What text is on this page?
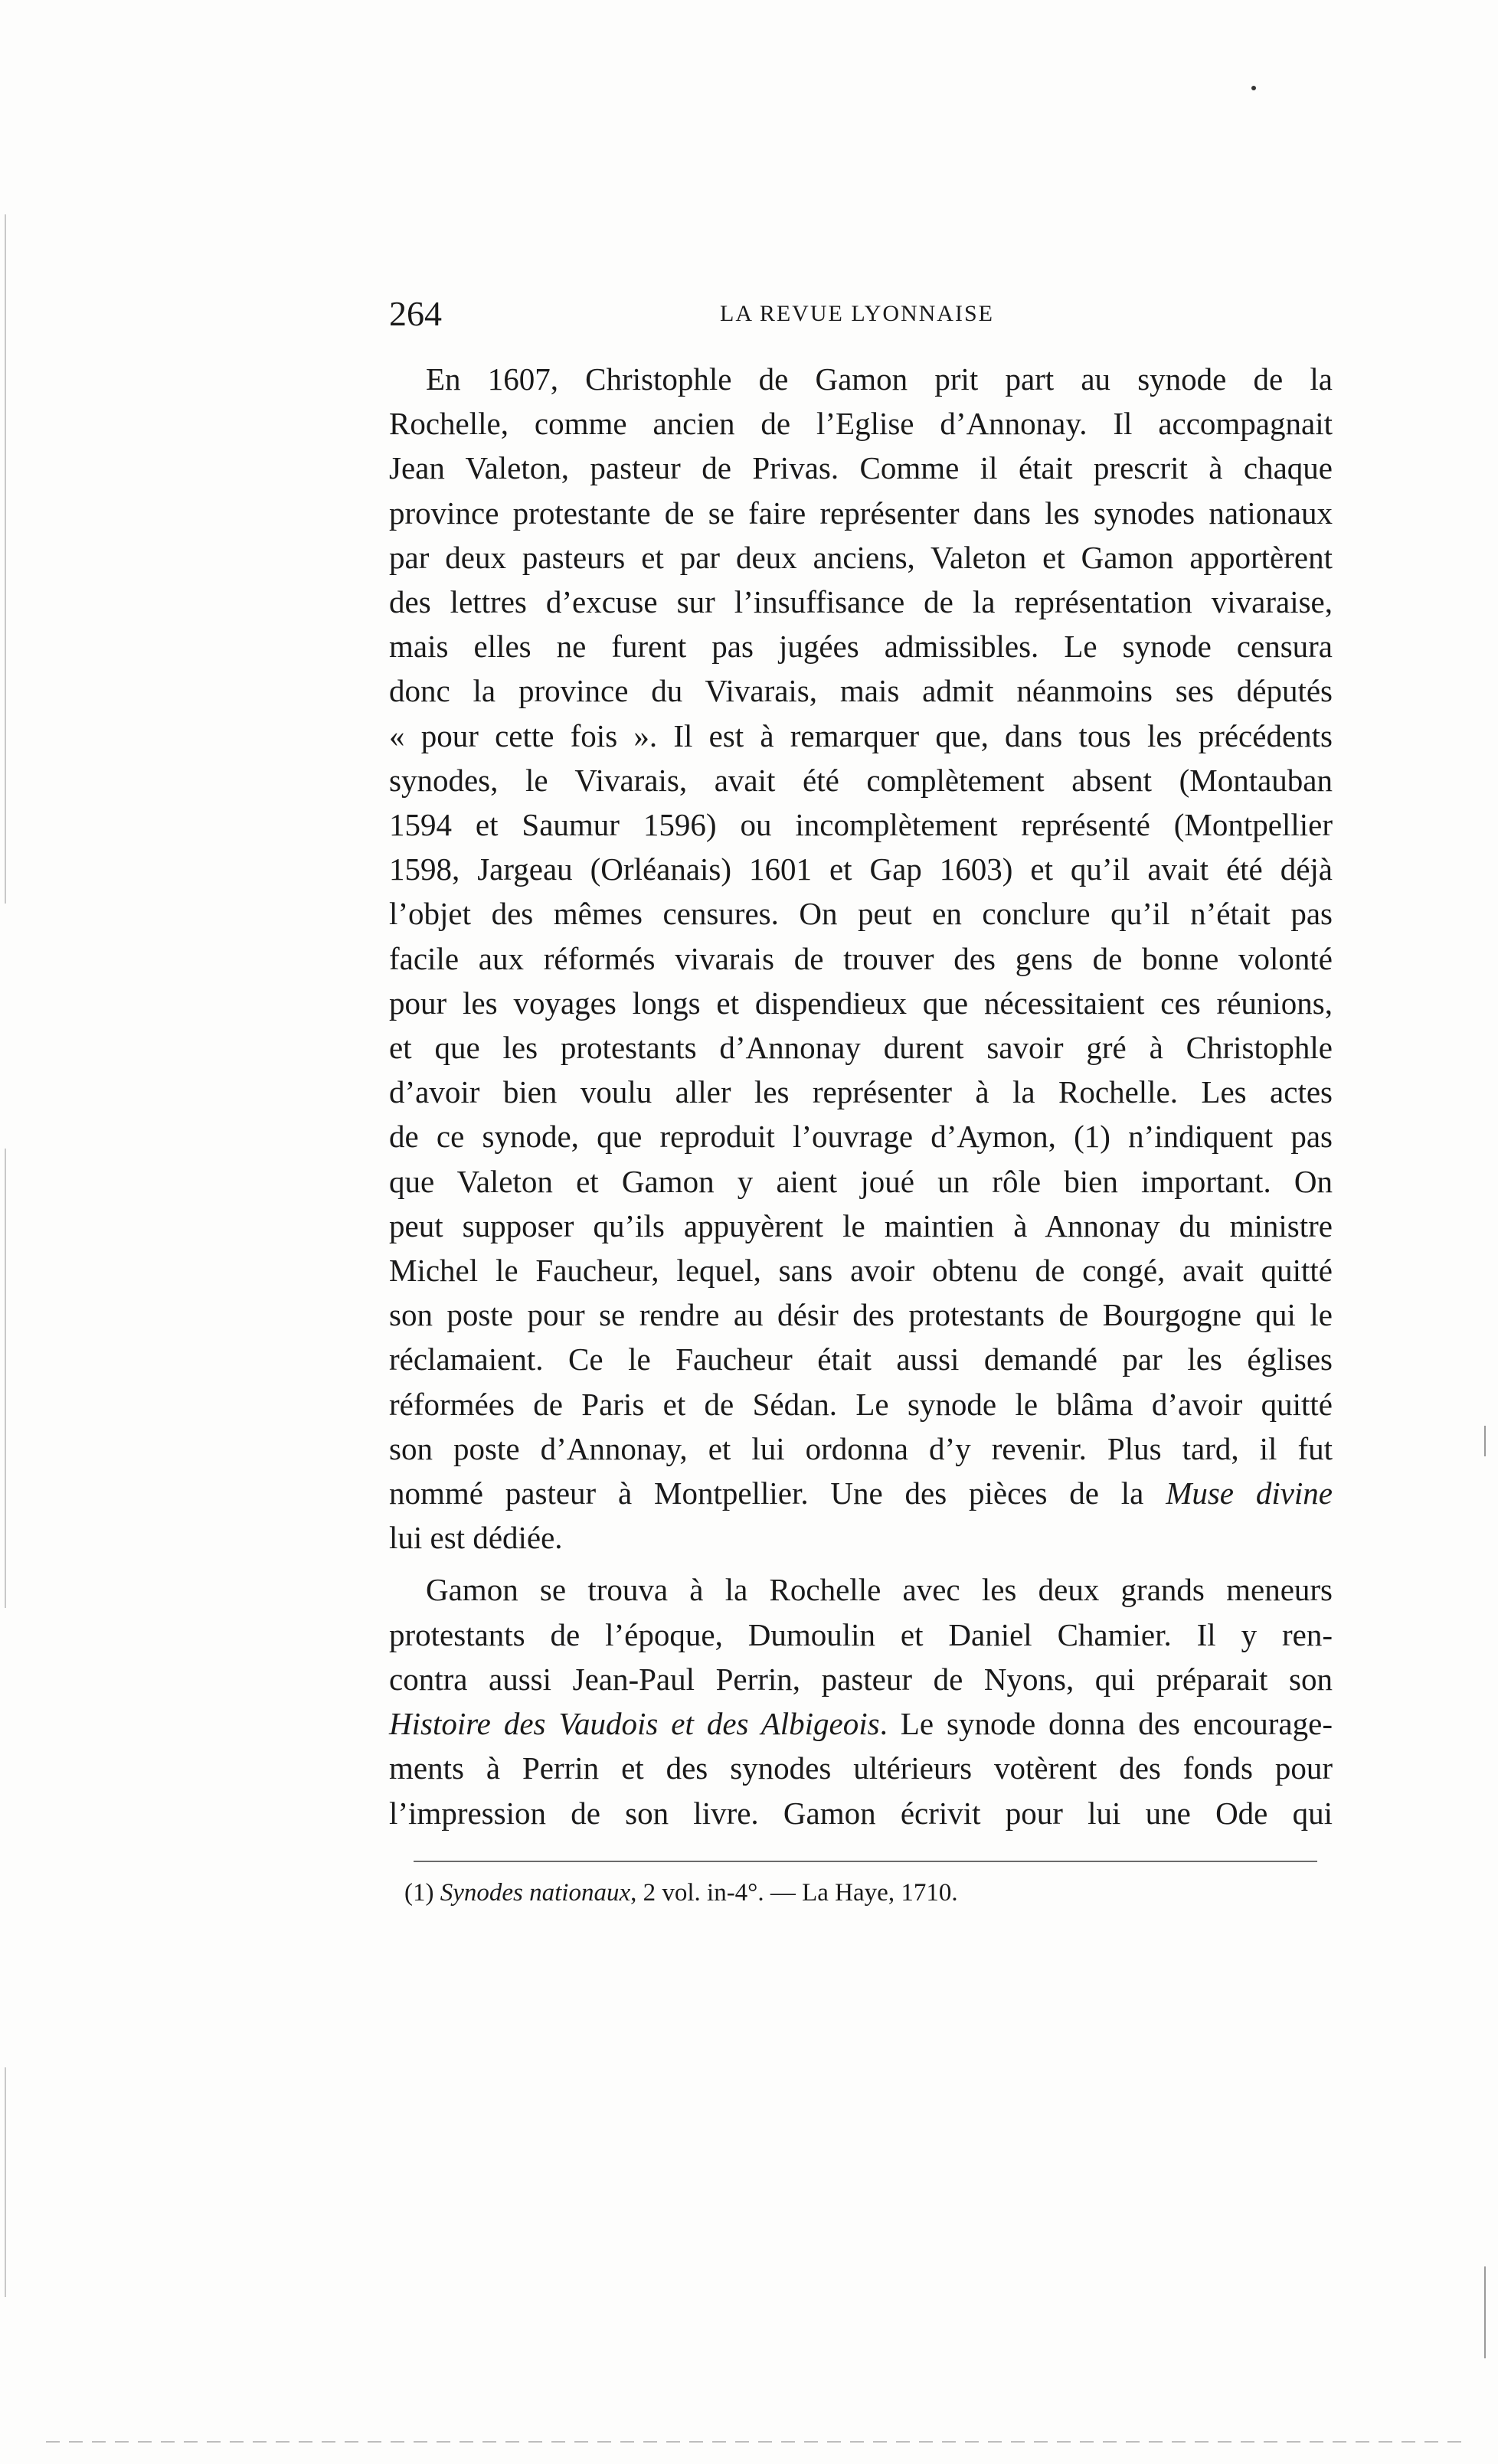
264	LA REVUE LYONNAISE

En 1607, Christophle de Gamon prit part au synode de la
Rochelle, comme ancien de l’Eglise d’Annonay. Il accompagnait
Jean Valeton, pasteur de Privas. Comme il était prescrit à chaque
province protestante de se faire représenter dans les synodes nationaux
par deux pasteurs et par deux anciens, Valeton et Gamon apportèrent
des lettres d’excuse sur l’insuffisance de la représentation vivaraise,
mais elles ne furent pas jugées admissibles. Le synode censura
donc la province du Vivarais, mais admit néanmoins ses députés
« pour cette fois ». Il est à remarquer que, dans tous les précédents
synodes, le Vivarais, avait été complètement absent (Montauban
1594 et Saumur 1596) ou incomplètement représenté (Montpellier
1598, Jargeau (Orléanais) 1601 et Gap 1603) et qu’il avait été déjà
l’objet des mêmes censures. On peut en conclure qu’il n’était pas
facile aux réformés vivarais de trouver des gens de bonne volonté
pour les voyages longs et dispendieux que nécessitaient ces réunions,
et que les protestants d’Annonay durent savoir gré à Christophle
d’avoir bien voulu aller les représenter à la Rochelle. Les actes
de ce synode, que reproduit l’ouvrage d’Aymon, (1) n’indiquent pas
que Valeton et Gamon y aient joué un rôle bien important. On
peut supposer qu’ils appuyèrent le maintien à Annonay du ministre
Michel le Faucheur, lequel, sans avoir obtenu de congé, avait quitté
son poste pour se rendre au désir des protestants de Bourgogne qui le
réclamaient. Ce le Faucheur était aussi demandé par les églises
réformées de Paris et de Sédan. Le synode le blâma d’avoir quitté
son poste d’Annonay, et lui ordonna d’y revenir. Plus tard, il fut
nommé pasteur à Montpellier. Une des pièces de la Muse divine
lui est dédiée.

Gamon se trouva à la Rochelle avec les deux grands meneurs
protestants de l’époque, Dumoulin et Daniel Chamier. Il y ren-
contra aussi Jean-Paul Perrin, pasteur de Nyons, qui préparait son
Histoire des Vaudois et des Albigeois. Le synode donna des encourage-
ments à Perrin et des synodes ultérieurs votèrent des fonds pour
l’impression de son livre. Gamon écrivit pour lui une Ode qui

(1) Synodes nationaux, 2 vol. in-4°. — La Haye, 1710.
